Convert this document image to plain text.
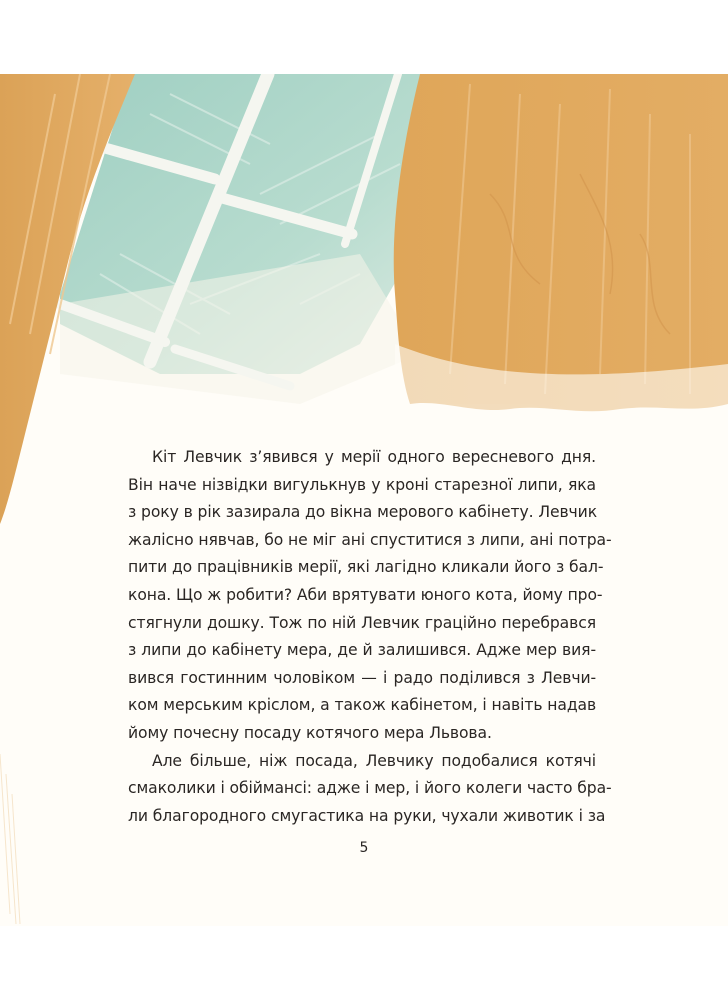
Кіт Левчик з’явився у мерії одного вересневого дня.
Він наче нізвідки вигулькнув у кроні старезної липи, яка
з року в рік зазирала до вікна мерового кабінету. Левчик
жалісно нявчав, бо не міг ані спуститися з липи, ані потра-
пити до працівників мерії, які лагідно кликали його з бал-
кона. Що ж робити? Аби врятувати юного кота, йому про-
стягнули дошку. Тож по ній Левчик граційно перебрався
з липи до кабінету мера, де й залишився. Адже мер вия-
вився гостинним чоловіком — і радо поділився з Левчи-
ком мерським кріслом, а також кабінетом, і навіть надав
йому почесну посаду котячого мера Львова.
Але більше, ніж посада, Левчику подобалися котячі
смаколики і обіймансі: адже і мер, і його колеги часто бра-
ли благородного смугастика на руки, чухали животик і за
5
